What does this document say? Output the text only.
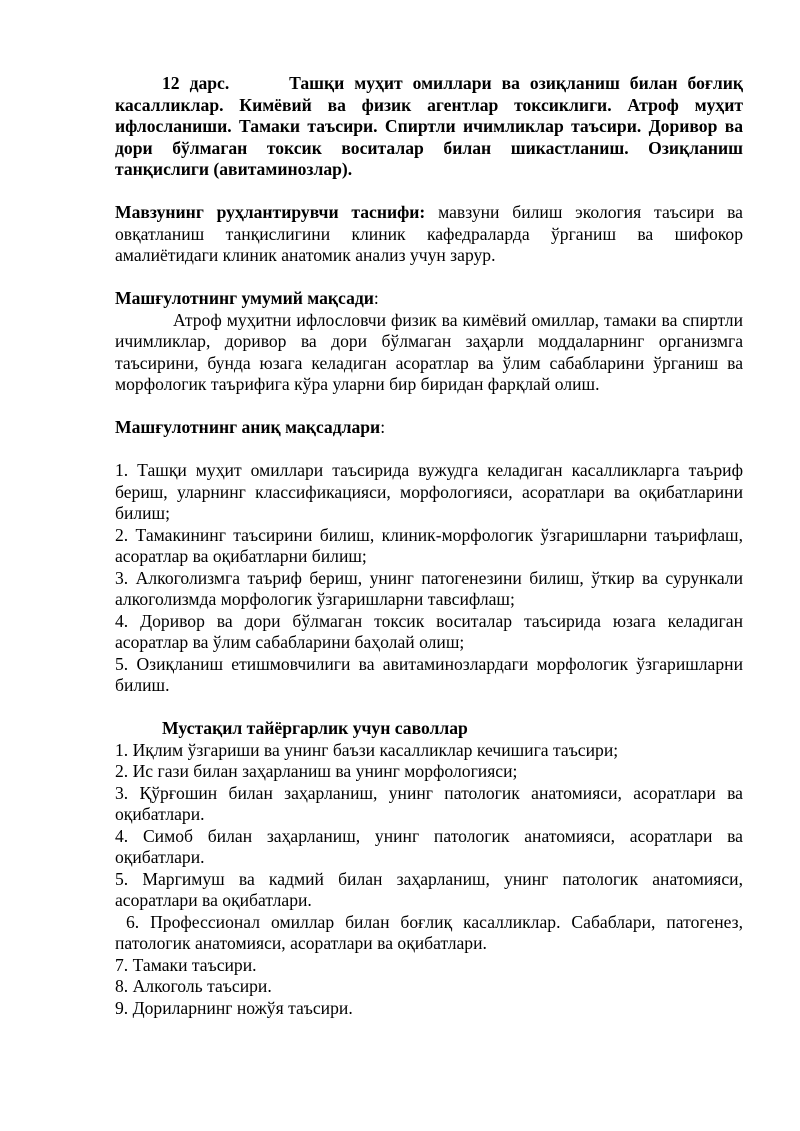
12 дарс.	Ташқи муҳит омиллари ва озиқланиш билан боғлиқ касалликлар. Кимёвий ва физик агентлар токсиклиги. Атроф муҳит ифлосланиши. Тамаки таъсири. Спиртли ичимликлар таъсири. Доривор ва дори бўлмаган токсик воситалар билан шикастланиш. Озиқланиш танқислиги (авитаминозлар).

Мавзунинг руҳлантирувчи таснифи: мавзуни билиш экология таъсири ва овқатланиш танқислигини клиник кафедраларда ўрганиш ва шифокор амалиётидаги клиник анатомик анализ учун зарур.

Машғулотнинг умумий мақсади:

Атроф муҳитни ифлословчи физик ва кимёвий омиллар, тамаки ва спиртли ичимликлар, доривор ва дори бўлмаган заҳарли моддаларнинг организмга таъсирини, бунда юзага келадиган асоратлар ва ўлим сабабларини ўрганиш ва морфологик таърифига кўра уларни бир биридан фарқлай олиш.

Машғулотнинг аниқ мақсадлари:

1. Ташқи муҳит омиллари таъсирида вужудга келадиган касалликларга таъриф бериш, уларнинг классификацияси, морфологияси, асоратлари ва оқибатларини билиш;

2. Тамакининг таъсирини билиш, клиник-морфологик ўзгаришларни таърифлаш, асоратлар ва оқибатларни билиш;

3. Алкоголизмга таъриф бериш, унинг патогенезини билиш, ўткир ва сурункали алкоголизмда морфологик ўзгаришларни тавсифлаш;

4. Доривор ва дори бўлмаган токсик воситалар таъсирида юзага келадиган асоратлар ва ўлим сабабларини баҳолай олиш;

5. Озиқланиш етишмовчилиги ва авитаминозлардаги морфологик ўзгаришларни билиш.

Мустақил тайёргарлик учун саволлар

1. Иқлим ўзгариши ва унинг баъзи касалликлар кечишига таъсири;

2. Ис гази билан заҳарланиш ва унинг морфологияси;

3. Қўрғошин билан заҳарланиш, унинг патологик анатомияси, асоратлари ва оқибатлари.

4. Симоб билан заҳарланиш, унинг патологик анатомияси, асоратлари ва оқибатлари.

5. Маргимуш ва кадмий билан заҳарланиш, унинг патологик анатомияси, асоратлари ва оқибатлари.

6. Профессионал омиллар билан боғлиқ касалликлар. Сабаблари, патогенез, патологик анатомияси, асоратлари ва оқибатлари.

7. Тамаки таъсири.

8. Алкоголь таъсири.

9. Дориларнинг ножўя таъсири.
